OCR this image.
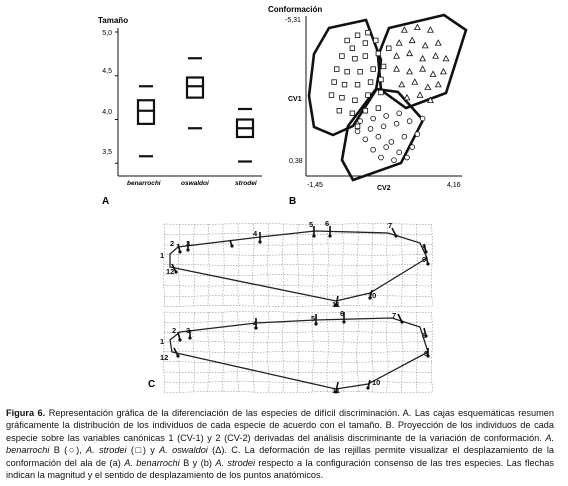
Tamaño
5,0
4,5
4,0
3,5
benarrochi	oswaldoi	strodei
A
Conformación
-5,31
CV1
0,38
-1,45	CV2	4,16
B
1
2 3
4
5 6	7
8
9
10
11
12
1
2 3
4
5
6	7
8
9
10
11
12
C
Figura 6. Representación gráfica de la diferenciación de las especies de difícil discriminación. A. Las cajas esquemáticas resumen gráficamente la distribución de los individuos de cada especie de acuerdo con el tamaño. B. Proyección de los individuos de cada especie sobre las variables canónicas 1 (CV-1) y 2 (CV-2) derivadas del análisis discriminante de la variación de conformación. A. benarrochi B (○), A. strodei (□) y A. oswaldoi (Δ). C. La deformación de las rejillas permite visualizar el desplazamiento de la conformación del ala de (a) A. benarrochi B y (b) A. strodei respecto a la configuración consenso de las tres especies. Las flechas indican la magnitud y el sentido de desplazamiento de los puntos anatómicos.
